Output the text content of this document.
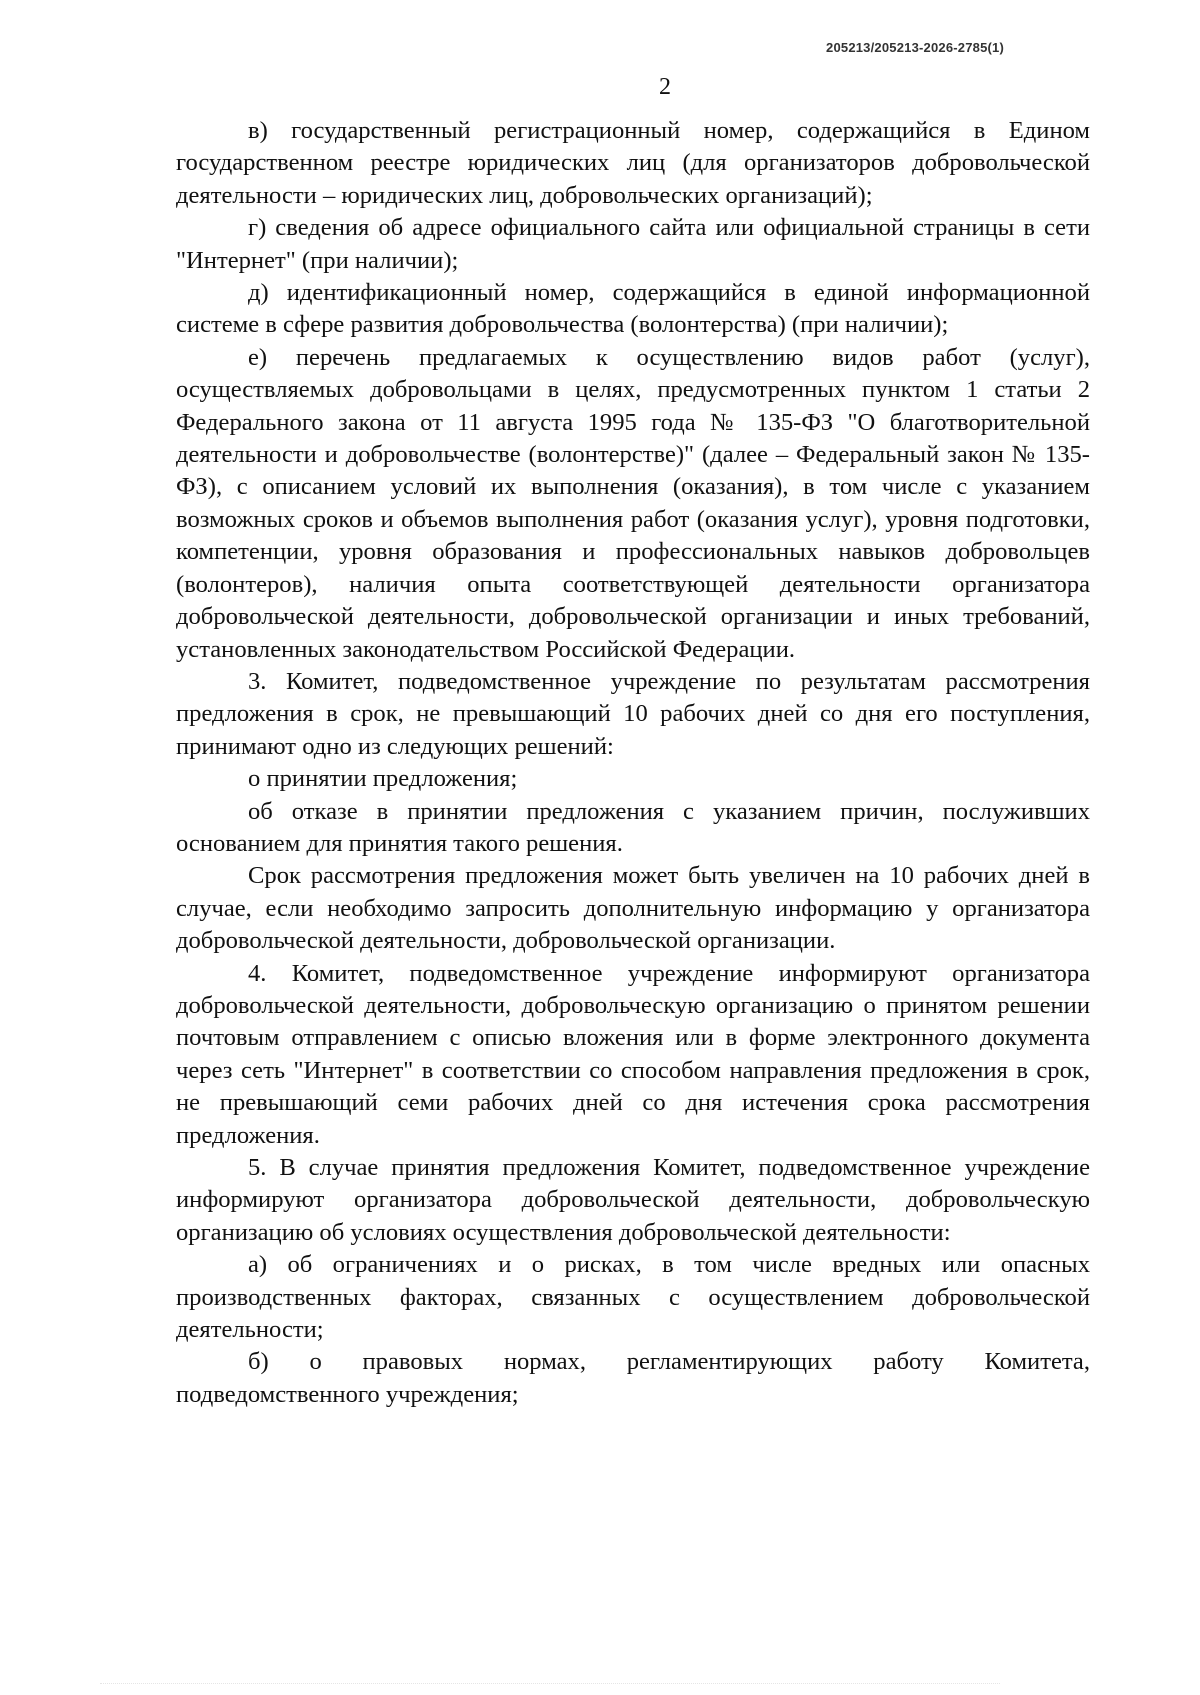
205213/205213-2026-2785(1)
2

в) государственный регистрационный номер, содержащийся в Едином государственном реестре юридических лиц (для организаторов добровольческой деятельности – юридических лиц, добровольческих организаций);

г) сведения об адресе официального сайта или официальной страницы в сети "Интернет" (при наличии);

д) идентификационный номер, содержащийся в единой информационной системе в сфере развития добровольчества (волонтерства) (при наличии);

е) перечень предлагаемых к осуществлению видов работ (услуг), осуществляемых добровольцами в целях, предусмотренных пунктом 1 статьи 2 Федерального закона от 11 августа 1995 года № 135-ФЗ "О благотворительной деятельности и добровольчестве (волонтерстве)" (далее – Федеральный закон № 135-ФЗ), с описанием условий их выполнения (оказания), в том числе с указанием возможных сроков и объемов выполнения работ (оказания услуг), уровня подготовки, компетенции, уровня образования и профессиональных навыков добровольцев (волонтеров), наличия опыта соответствующей деятельности организатора добровольческой деятельности, добровольческой организации и иных требований, установленных законодательством Российской Федерации.

3. Комитет, подведомственное учреждение по результатам рассмотрения предложения в срок, не превышающий 10 рабочих дней со дня его поступления, принимают одно из следующих решений:

о принятии предложения;

об отказе в принятии предложения с указанием причин, послуживших основанием для принятия такого решения.

Срок рассмотрения предложения может быть увеличен на 10 рабочих дней в случае, если необходимо запросить дополнительную информацию у организатора добровольческой деятельности, добровольческой организации.

4. Комитет, подведомственное учреждение информируют организатора добровольческой деятельности, добровольческую организацию о принятом решении почтовым отправлением с описью вложения или в форме электронного документа через сеть "Интернет" в соответствии со способом направления предложения в срок, не превышающий семи рабочих дней со дня истечения срока рассмотрения предложения.

5. В случае принятия предложения Комитет, подведомственное учреждение информируют организатора добровольческой деятельности, добровольческую организацию об условиях осуществления добровольческой деятельности:

а) об ограничениях и о рисках, в том числе вредных или опасных производственных факторах, связанных с осуществлением добровольческой деятельности;

б) о правовых нормах, регламентирующих работу Комитета, подведомственного учреждения;
